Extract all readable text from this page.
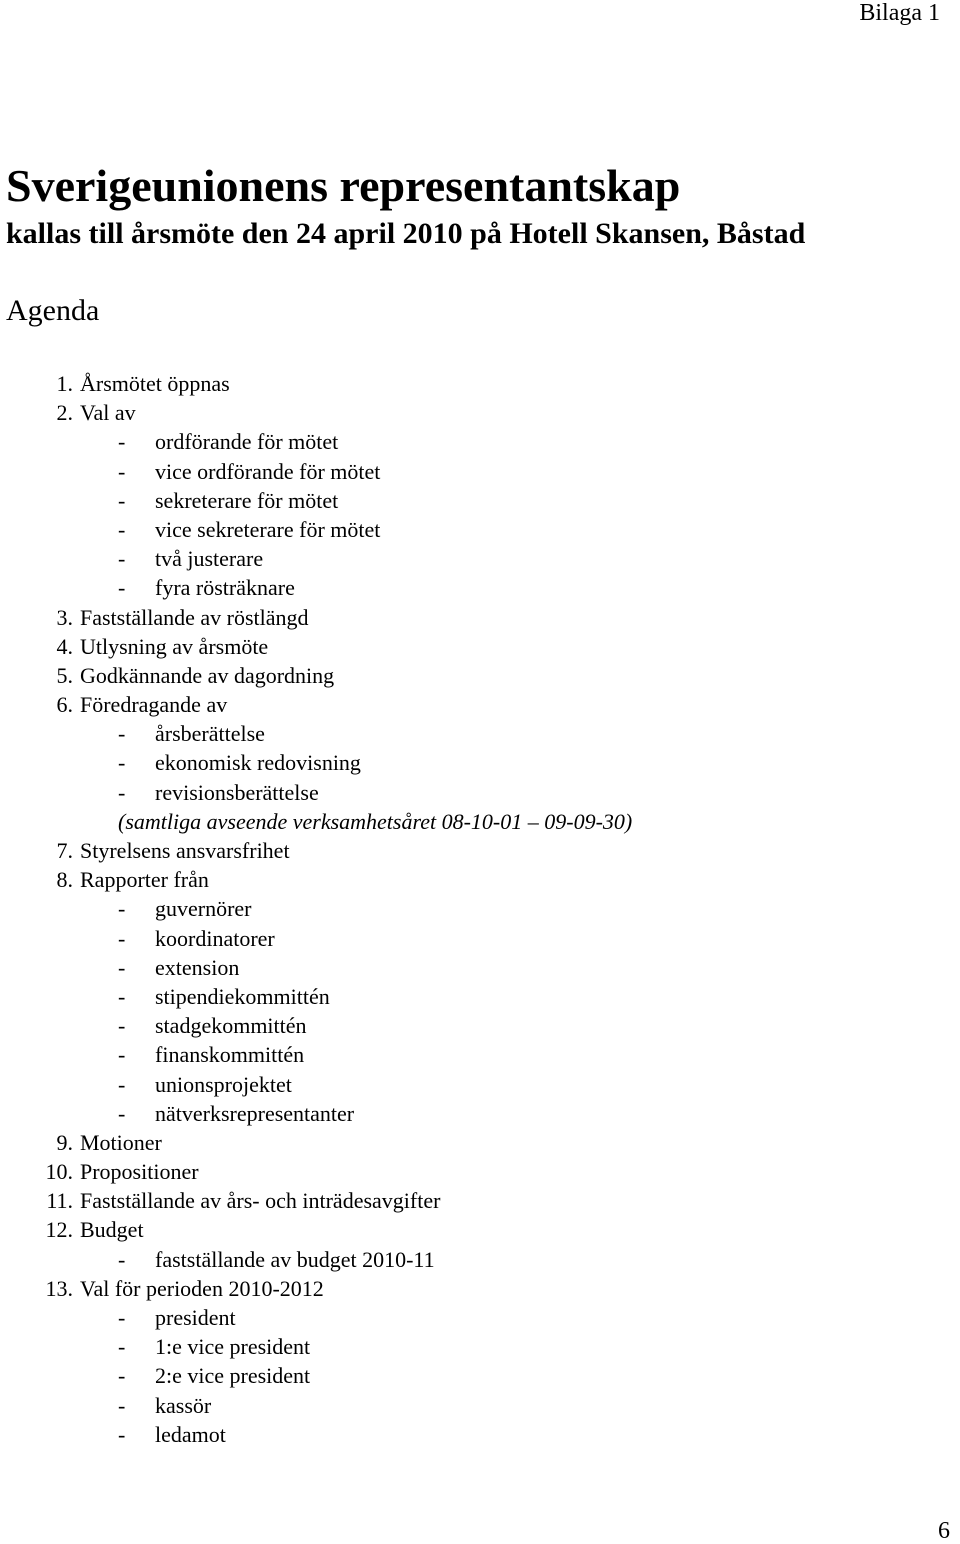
Bilaga 1
Sverigeunionens representantskap
kallas till årsmöte den 24 april 2010 på Hotell Skansen, Båstad
Agenda
1. Årsmötet öppnas
2. Val av
- ordförande för mötet
- vice ordförande för mötet
- sekreterare för mötet
- vice sekreterare för mötet
- två justerare
- fyra rösträknare
3. Fastställande av röstlängd
4. Utlysning av årsmöte
5. Godkännande av dagordning
6. Föredragande av
- årsberättelse
- ekonomisk redovisning
- revisionsberättelse
(samtliga avseende verksamhetsåret 08-10-01 – 09-09-30)
7. Styrelsens ansvarsfrihet
8. Rapporter från
- guvernörer
- koordinatorer
- extension
- stipendiekommittén
- stadgekommittén
- finanskommittén
- unionsprojektet
- nätverksrepresentanter
9. Motioner
10. Propositioner
11. Fastställande av års- och inträdesavgifter
12. Budget
- fastställande av budget 2010-11
13. Val för perioden 2010-2012
- president
- 1:e vice president
- 2:e vice president
- kassör
- ledamot
6
